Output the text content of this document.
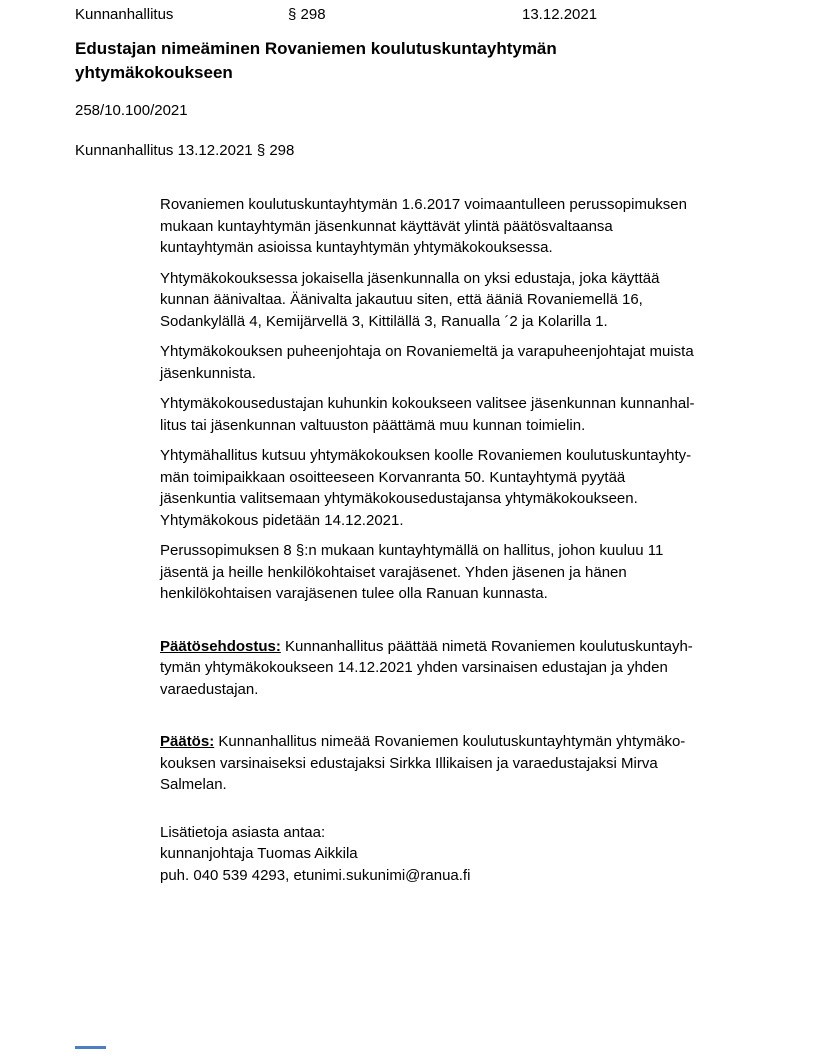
Kunnanhallitus	§ 298	13.12.2021
Edustajan nimeäminen Rovaniemen koulutuskuntayhtymän
yhtymäkokoukseen
258/10.100/2021
Kunnanhallitus 13.12.2021 § 298
Rovaniemen koulutuskuntayhtymän 1.6.2017 voimaantulleen perussopimuksen
mukaan kuntayhtymän jäsenkunnat käyttävät ylintä päätösvaltaansa
kuntayhtymän asioissa kuntayhtymän yhtymäkokouksessa.
Yhtymäkokouksessa jokaisella jäsenkunnalla on yksi edustaja, joka käyttää
kunnan äänivaltaa. Äänivalta jakautuu siten, että ääniä Rovaniemellä 16,
Sodankylällä 4, Kemijärvellä 3, Kittilällä 3, Ranualla ´2 ja Kolarilla 1.
Yhtymäkokouksen puheenjohtaja on Rovaniemeltä ja varapuheenjohtajat muista
jäsenkunnista.
Yhtymäkokousedustajan kuhunkin kokoukseen valitsee jäsenkunnan kunnanhal-
litus tai jäsenkunnan valtuuston päättämä muu kunnan toimielin.
Yhtymähallitus kutsuu yhtymäkokouksen koolle Rovaniemen koulutuskuntayhty-
män toimipaikkaan osoitteeseen Korvanranta 50. Kuntayhtymä pyytää
jäsenkuntia valitsemaan yhtymäkokousedustajansa yhtymäkokoukseen.
Yhtymäkokous pidetään 14.12.2021.
Perussopimuksen 8 §:n mukaan kuntayhtymällä on hallitus, johon kuuluu 11
jäsentä ja heille henkilökohtaiset varajäsenet. Yhden jäsenen ja hänen
henkilökohtaisen varajäsenen tulee olla Ranuan kunnasta.
Päätösehdostus: Kunnanhallitus päättää nimetä Rovaniemen koulutuskuntayh-
tymän yhtymäkokoukseen 14.12.2021 yhden varsinaisen edustajan ja yhden
varaedustajan.
Päätös: Kunnanhallitus nimeää Rovaniemen koulutuskuntayhtymän yhtymäko-
kouksen varsinaiseksi edustajaksi Sirkka Illikaisen ja varaedustajaksi Mirva
Salmelan.
Lisätietoja asiasta antaa:
kunnanjohtaja Tuomas Aikkila
puh. 040 539 4293, etunimi.sukunimi@ranua.fi
